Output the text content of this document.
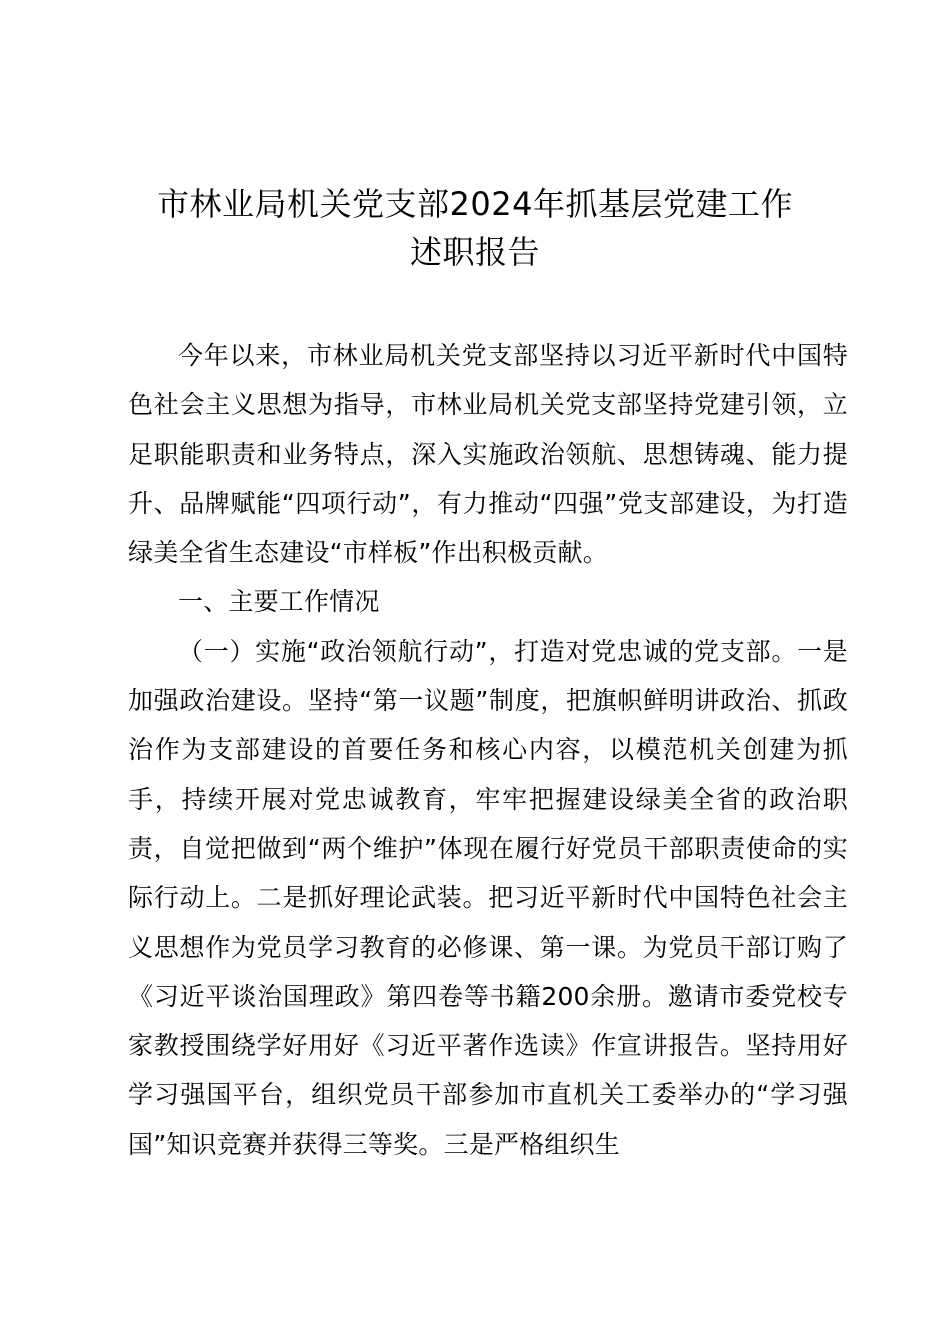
市林业局机关党支部2024年抓基层党建工作
述职报告

今年以来，市林业局机关党支部坚持以习近平新时代中国特色社会主义思想为指导，市林业局机关党支部坚持党建引领，立足职能职责和业务特点，深入实施政治领航、思想铸魂、能力提升、品牌赋能“四项行动”，有力推动“四强”党支部建设，为打造绿美全省生态建设“市样板”作出积极贡献。

一、主要工作情况

（一）实施“政治领航行动”，打造对党忠诚的党支部。一是加强政治建设。坚持“第一议题”制度，把旗帜鲜明讲政治、抓政治作为支部建设的首要任务和核心内容，以模范机关创建为抓手，持续开展对党忠诚教育，牢牢把握建设绿美全省的政治职责，自觉把做到“两个维护”体现在履行好党员干部职责使命的实际行动上。二是抓好理论武装。把习近平新时代中国特色社会主义思想作为党员学习教育的必修课、第一课。为党员干部订购了《习近平谈治国理政》第四卷等书籍200余册。邀请市委党校专家教授围绕学好用好《习近平著作选读》作宣讲报告。坚持用好学习强国平台，组织党员干部参加市直机关工委举办的“学习强国”知识竞赛并获得三等奖。三是严格组织生
